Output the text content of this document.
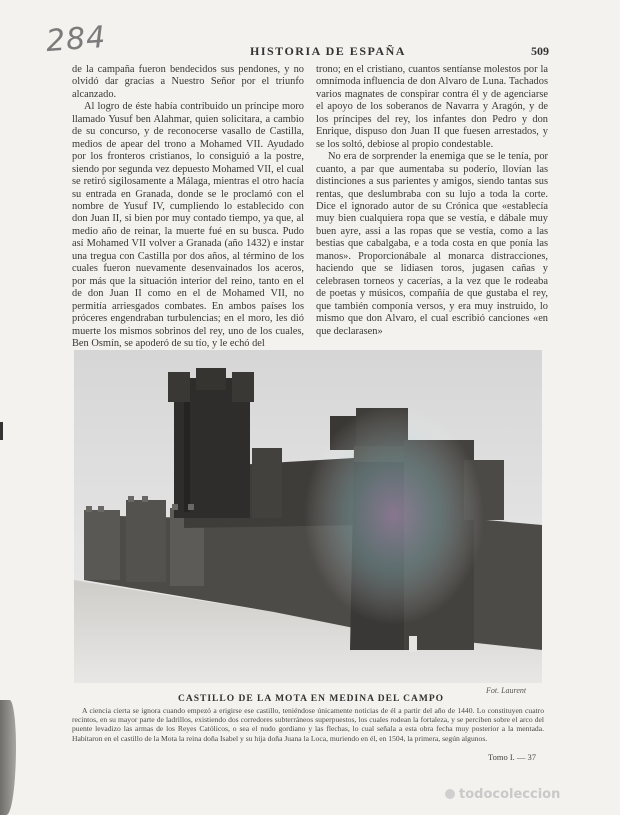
284	HISTORIA DE ESPAÑA	509

de la campaña fueron bendecidos sus pendones, y no olvidó dar gracias a Nuestro Señor por el triunfo alcanzado.

Al logro de éste había contribuido un príncipe moro llamado Yusuf ben Alahmar, quien solicitara, a cambio de su concurso, y de reconocerse vasallo de Castilla, medios de apear del trono a Mohamed VII. Ayudado por los fronteros cristianos, lo consiguió a la postre, siendo por segunda vez depuesto Mohamed VII, el cual se retiró sigilosamente a Málaga, mientras el otro hacía su entrada en Granada, donde se le proclamó con el nombre de Yusuf IV, cumpliendo lo establecido con don Juan II, si bien por muy contado tiempo, ya que, al medio año de reinar, la muerte fué en su busca. Pudo así Mohamed VII volver a Granada (año 1432) e instar una tregua con Castilla por dos años, al término de los cuales fueron nuevamente desenvainados los aceros, por más que la situación interior del reino, tanto en el de don Juan II como en el de Mohamed VII, no permitía arriesgados combates. En ambos países los próceres engendraban turbulencias; en el moro, les dió muerte los mismos sobrinos del rey, uno de los cuales, Ben Osmín, se apoderó de su tío, y le echó del

trono; en el cristiano, cuantos sentíanse molestos por la omnímoda influencia de don Alvaro de Luna. Tachados varios magnates de conspirar contra él y de agenciarse el apoyo de los soberanos de Navarra y Aragón, y de los príncipes del rey, los infantes don Pedro y don Enrique, dispuso don Juan II que fuesen arrestados, y se los soltó, debiose al propio condestable.

No era de sorprender la enemiga que se le tenía, por cuanto, a par que aumentaba su poderío, llovían las distinciones a sus parientes y amigos, siendo tantas sus rentas, que deslumbraba con su lujo a toda la corte. Dice el ignorado autor de su Crónica que «establecía muy bien cualquiera ropa que se vestía, e dábale muy buen ayre, assi a las ropas que se vestía, como a las bestias que cabalgaba, e a toda costa en que ponía las manos». Proporcionábale al monarca distracciones, haciendo que se lidiasen toros, jugasen cañas y celebrasen torneos y cacerías, a la vez que le rodeaba de poetas y músicos, compañía de que gustaba el rey, que también componía versos, y era muy instruido, lo mismo que don Alvaro, el cual escribió canciones «en que declarasen»

Fot. Laurent
CASTILLO DE LA MOTA EN MEDINA DEL CAMPO
A ciencia cierta se ignora cuando empezó a erigirse ese castillo, teniéndose únicamente noticias de él a partir del año de 1440. Lo constituyen cuatro recintos, en su mayor parte de ladrillos, existiendo dos corredores subterráneos superpuestos, los cuales rodean la fortaleza, y se perciben sobre el arco del puente levadizo las armas de los Reyes Católicos, o sea el nudo gordiano y las flechas, lo cual señala a esta obra fecha muy posterior a la mentada. Habitaron en el castillo de la Mota la reina doña Isabel y su hija doña Juana la Loca, muriendo en él, en 1504, la primera, según algunos.
Tomo I. — 37
todocoleccion
